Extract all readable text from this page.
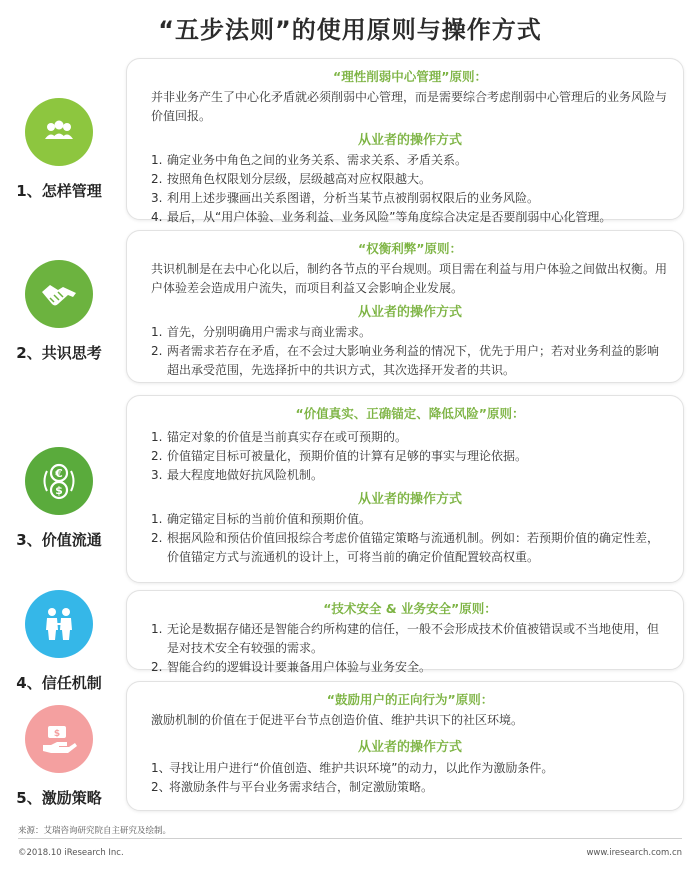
“五步法则”的使用原则与操作方式
1、怎样管理
“理性削弱中心管理”原则：

并非业务产生了中心化矛盾就必须削弱中心管理，而是需要综合考虑削弱中心管理后的业务风险与价值回报。

从业者的操作方式
1. 确定业务中角色之间的业务关系、需求关系、矛盾关系。
2. 按照角色权限划分层级，层级越高对应权限越大。
3. 利用上述步骤画出关系图谱，分析当某节点被削弱权限后的业务风险。
4. 最后，从“用户体验、业务利益、业务风险”等角度综合决定是否要削弱中心化管理。
2、共识思考
“权衡利弊”原则：

共识机制是在去中心化以后，制约各节点的平台规则。项目需在利益与用户体验之间做出权衡。用户体验差会造成用户流失，而项目利益又会影响企业发展。

从业者的操作方式
1. 首先，分别明确用户需求与商业需求。
2. 两者需求若存在矛盾，在不会过大影响业务利益的情况下，优先于用户；若对业务利益的影响超出承受范围，先选择折中的共识方式，其次选择开发者的共识。
€
$
3、价值流通
“价值真实、正确锚定、降低风险”原则：
1. 锚定对象的价值是当前真实存在或可预期的。
2. 价值锚定目标可被量化，预期价值的计算有足够的事实与理论依据。
3. 最大程度地做好抗风险机制。
从业者的操作方式
1. 确定锚定目标的当前价值和预期价值。
2. 根据风险和预估价值回报综合考虑价值锚定策略与流通机制。例如：若预期价值的确定性差，价值锚定方式与流通机的设计上，可将当前的确定价值配置较高权重。
4、信任机制
“技术安全 & 业务安全”原则：
1. 无论是数据存储还是智能合约所构建的信任，一般不会形成技术价值被错误或不当地使用，但是对技术安全有较强的需求。
2. 智能合约的逻辑设计要兼备用户体验与业务安全。
$
5、激励策略
“鼓励用户的正向行为”原则：

激励机制的价值在于促进平台节点创造价值、维护共识下的社区环境。

从业者的操作方式
1、
寻找让用户进行“价值创造、维护共识环境”的动力，以此作为激励条件。
2、
将激励条件与平台业务需求结合，制定激励策略。
来源：艾瑞咨询研究院自主研究及绘制。
©2018.10 iResearch Inc.	www.iresearch.com.cn
